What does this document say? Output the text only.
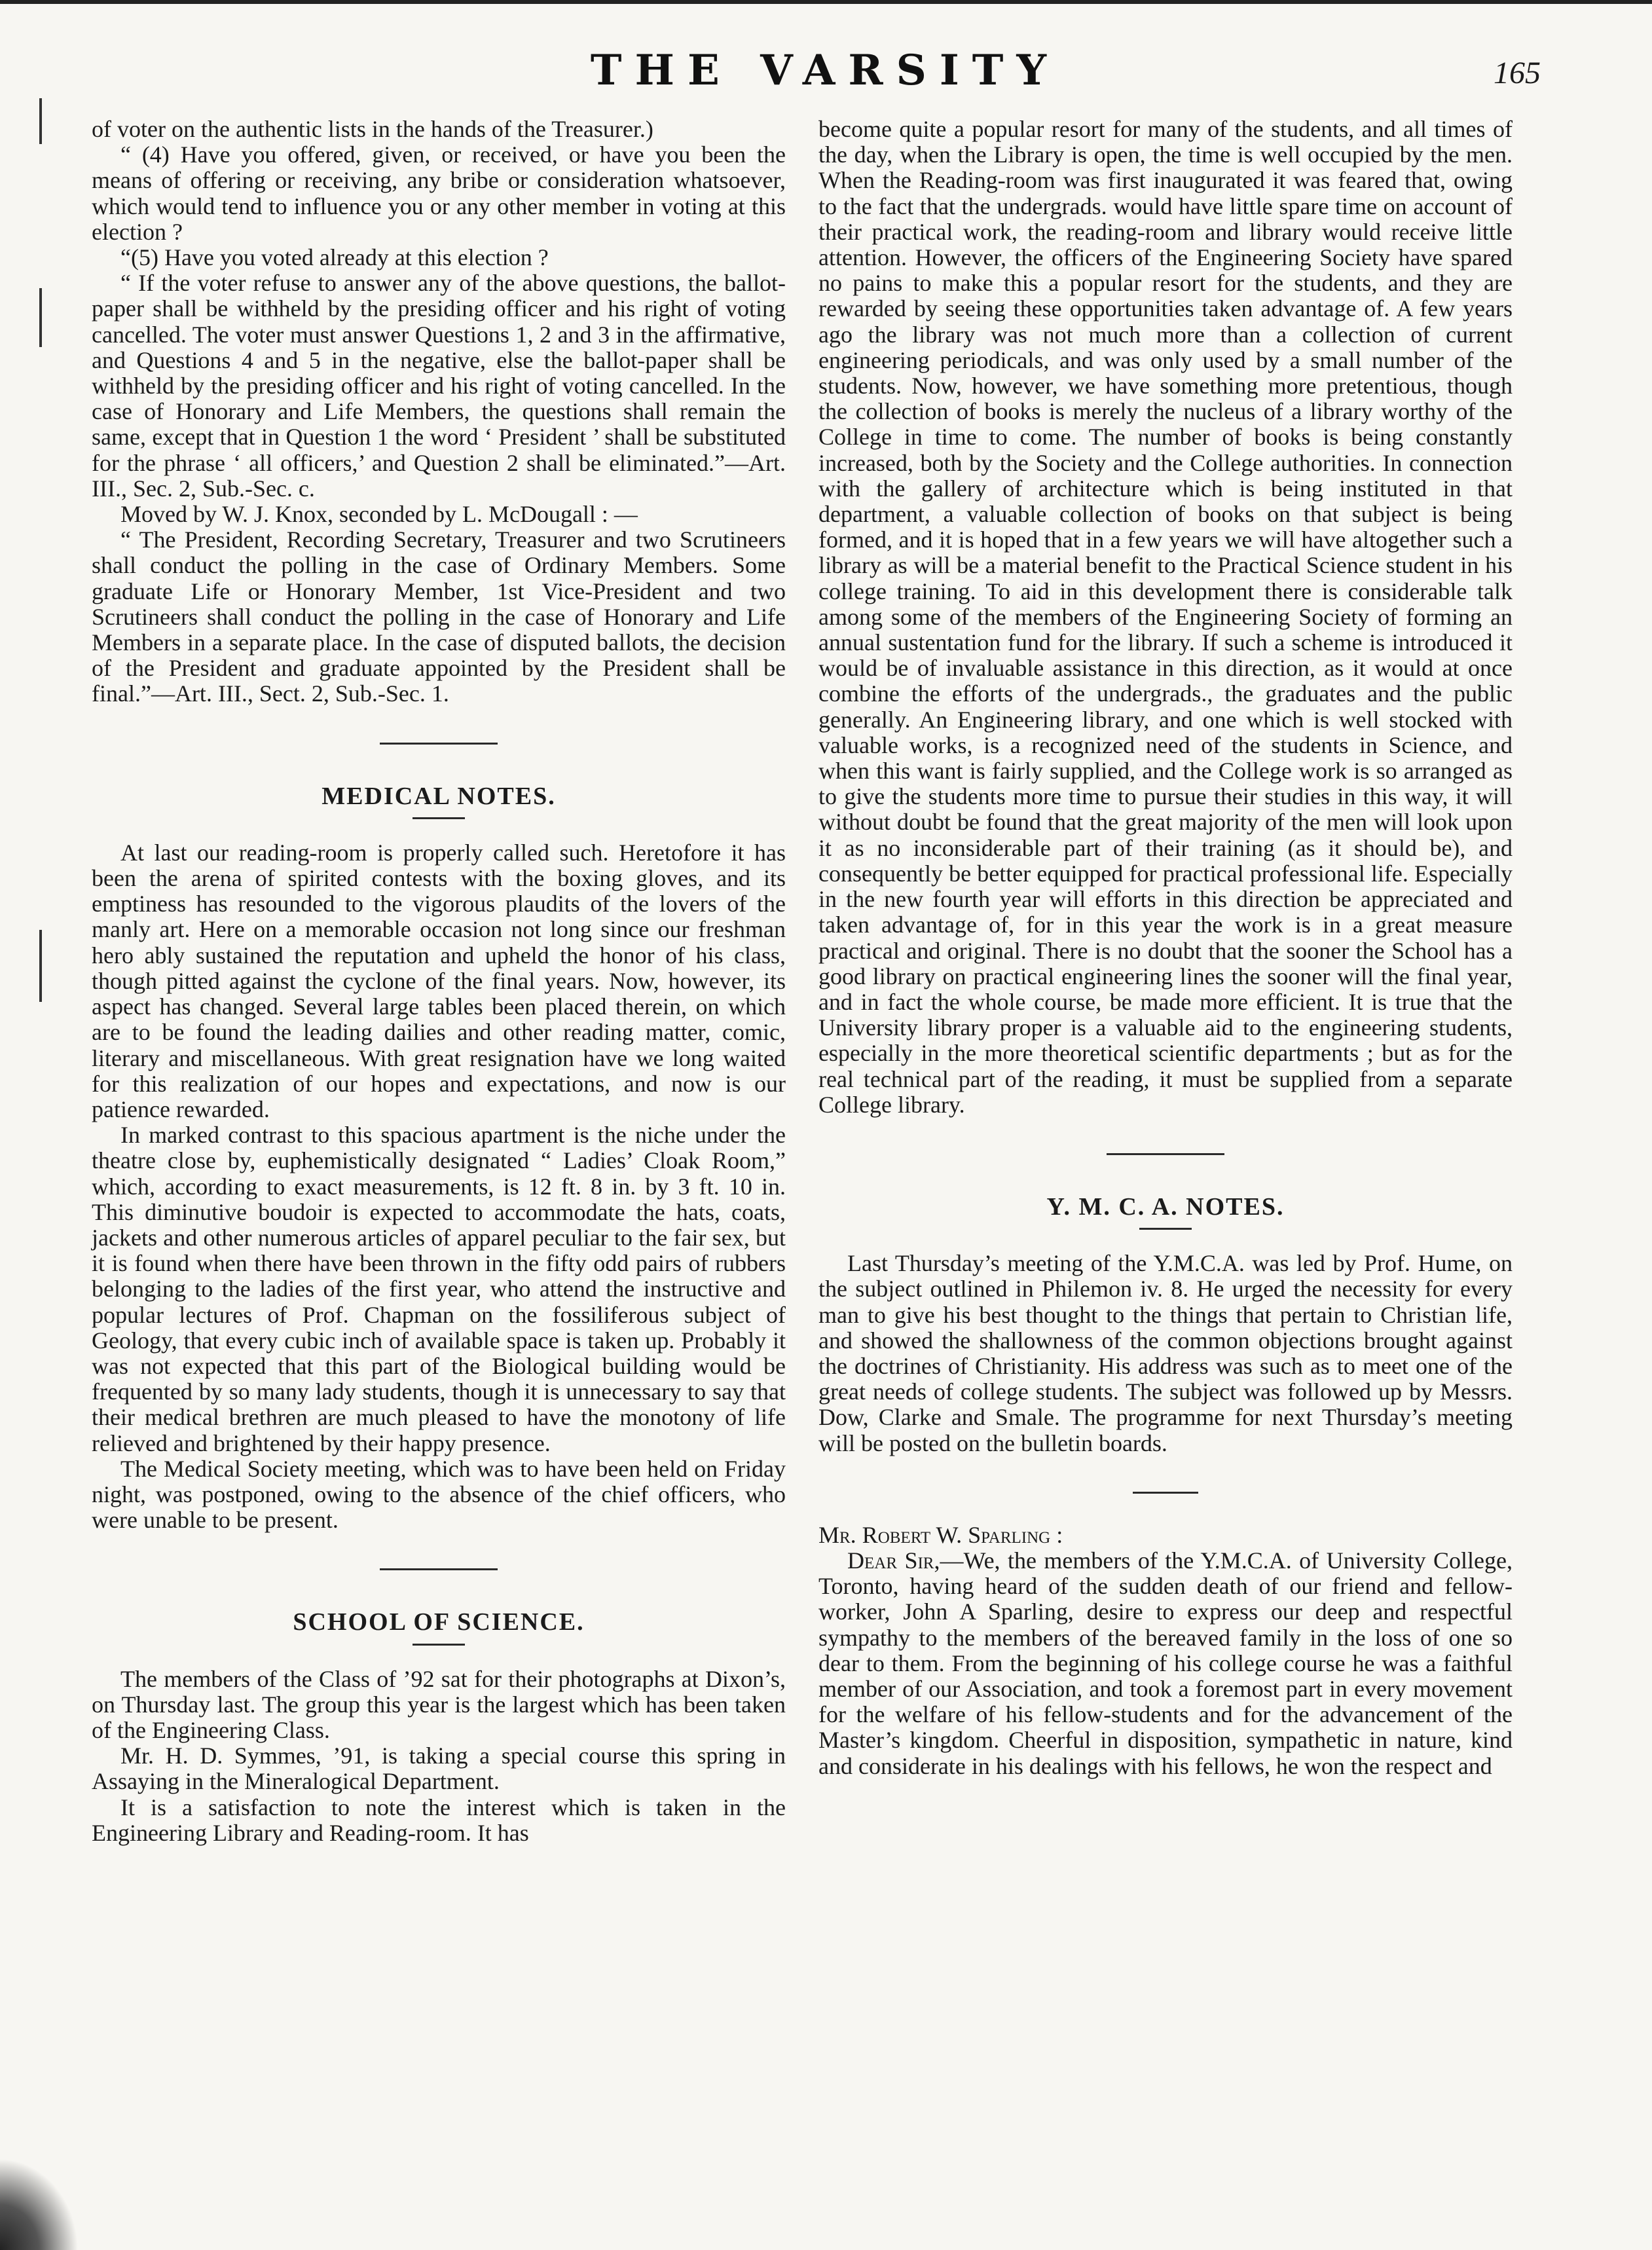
THE VARSITY	165

of voter on the authentic lists in the hands of the Treasurer.)

“ (4) Have you offered, given, or received, or have you been the means of offering or receiving, any bribe or consideration whatsoever, which would tend to influence you or any other member in voting at this election ?

“(5) Have you voted already at this election ?

“ If the voter refuse to answer any of the above questions, the ballot-paper shall be withheld by the presiding officer and his right of voting cancelled. The voter must answer Questions 1, 2 and 3 in the affirmative, and Questions 4 and 5 in the negative, else the ballot-paper shall be withheld by the presiding officer and his right of voting cancelled. In the case of Honorary and Life Members, the questions shall remain the same, except that in Question 1 the word ‘ President ’ shall be substituted for the phrase ‘ all officers,’ and Question 2 shall be eliminated.”—Art. III., Sec. 2, Sub.-Sec. c.

Moved by W. J. Knox, seconded by L. McDougall : —

“ The President, Recording Secretary, Treasurer and two Scrutineers shall conduct the polling in the case of Ordinary Members. Some graduate Life or Honorary Member, 1st Vice-President and two Scrutineers shall conduct the polling in the case of Honorary and Life Members in a separate place. In the case of disputed ballots, the decision of the President and graduate appointed by the President shall be final.”—Art. III., Sect. 2, Sub.-Sec. 1.

MEDICAL NOTES.

At last our reading-room is properly called such. Heretofore it has been the arena of spirited contests with the boxing gloves, and its emptiness has resounded to the vigorous plaudits of the lovers of the manly art. Here on a memorable occasion not long since our freshman hero ably sustained the reputation and upheld the honor of his class, though pitted against the cyclone of the final years. Now, however, its aspect has changed. Several large tables been placed therein, on which are to be found the leading dailies and other reading matter, comic, literary and miscellaneous. With great resignation have we long waited for this realization of our hopes and expectations, and now is our patience rewarded.

In marked contrast to this spacious apartment is the niche under the theatre close by, euphemistically designated “ Ladies’ Cloak Room,” which, according to exact measurements, is 12 ft. 8 in. by 3 ft. 10 in. This diminutive boudoir is expected to accommodate the hats, coats, jackets and other numerous articles of apparel peculiar to the fair sex, but it is found when there have been thrown in the fifty odd pairs of rubbers belonging to the ladies of the first year, who attend the instructive and popular lectures of Prof. Chapman on the fossiliferous subject of Geology, that every cubic inch of available space is taken up. Probably it was not expected that this part of the Biological building would be frequented by so many lady students, though it is unnecessary to say that their medical brethren are much pleased to have the monotony of life relieved and brightened by their happy presence.

The Medical Society meeting, which was to have been held on Friday night, was postponed, owing to the absence of the chief officers, who were unable to be present.

SCHOOL OF SCIENCE.

The members of the Class of ’92 sat for their photographs at Dixon’s, on Thursday last. The group this year is the largest which has been taken of the Engineering Class.

Mr. H. D. Symmes, ’91, is taking a special course this spring in Assaying in the Mineralogical Department.

It is a satisfaction to note the interest which is taken in the Engineering Library and Reading-room. It has

become quite a popular resort for many of the students, and all times of the day, when the Library is open, the time is well occupied by the men. When the Reading-room was first inaugurated it was feared that, owing to the fact that the undergrads. would have little spare time on account of their practical work, the reading-room and library would receive little attention. However, the officers of the Engineering Society have spared no pains to make this a popular resort for the students, and they are rewarded by seeing these opportunities taken advantage of. A few years ago the library was not much more than a collection of current engineering periodicals, and was only used by a small number of the students. Now, however, we have something more pretentious, though the collection of books is merely the nucleus of a library worthy of the College in time to come. The number of books is being constantly increased, both by the Society and the College authorities. In connection with the gallery of architecture which is being instituted in that department, a valuable collection of books on that subject is being formed, and it is hoped that in a few years we will have altogether such a library as will be a material benefit to the Practical Science student in his college training. To aid in this development there is considerable talk among some of the members of the Engineering Society of forming an annual sustentation fund for the library. If such a scheme is introduced it would be of invaluable assistance in this direction, as it would at once combine the efforts of the undergrads., the graduates and the public generally. An Engineering library, and one which is well stocked with valuable works, is a recognized need of the students in Science, and when this want is fairly supplied, and the College work is so arranged as to give the students more time to pursue their studies in this way, it will without doubt be found that the great majority of the men will look upon it as no inconsiderable part of their training (as it should be), and consequently be better equipped for practical professional life. Especially in the new fourth year will efforts in this direction be appreciated and taken advantage of, for in this year the work is in a great measure practical and original. There is no doubt that the sooner the School has a good library on practical engineering lines the sooner will the final year, and in fact the whole course, be made more efficient. It is true that the University library proper is a valuable aid to the engineering students, especially in the more theoretical scientific departments ; but as for the real technical part of the reading, it must be supplied from a separate College library.

Y. M. C. A. NOTES.

Last Thursday’s meeting of the Y.M.C.A. was led by Prof. Hume, on the subject outlined in Philemon iv. 8. He urged the necessity for every man to give his best thought to the things that pertain to Christian life, and showed the shallowness of the common objections brought against the doctrines of Christianity. His address was such as to meet one of the great needs of college students. The subject was followed up by Messrs. Dow, Clarke and Smale. The programme for next Thursday’s meeting will be posted on the bulletin boards.

Mr. Robert W. Sparling :

Dear Sir,—We, the members of the Y.M.C.A. of University College, Toronto, having heard of the sudden death of our friend and fellow-worker, John A Sparling, desire to express our deep and respectful sympathy to the members of the bereaved family in the loss of one so dear to them. From the beginning of his college course he was a faithful member of our Association, and took a foremost part in every movement for the welfare of his fellow-students and for the advancement of the Master’s kingdom. Cheerful in disposition, sympathetic in nature, kind and considerate in his dealings with his fellows, he won the respect and
